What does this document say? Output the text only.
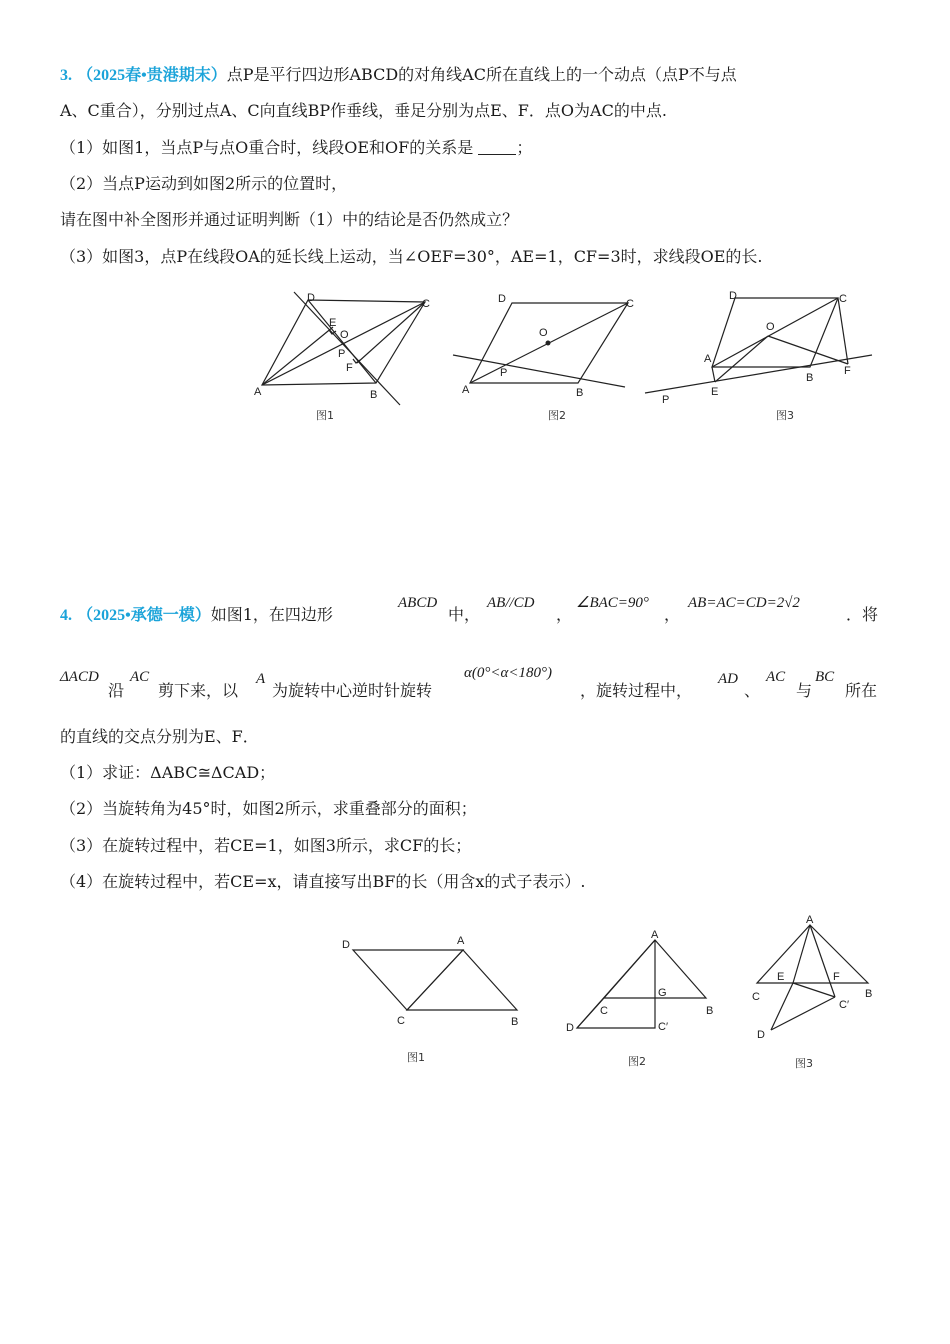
3. （2025春•贵港期末）点P是平行四边形ABCD的对角线AC所在直线上的一个动点（点P不与点
A、C重合），分别过点A、C向直线BP作垂线，垂足分别为点E、F．点O为AC的中点.
（1）如图1，当点P与点O重合时，线段OE和OF的关系是	；
（2）当点P运动到如图2所示的位置时，
请在图中补全图形并通过证明判断（1）中的结论是否仍然成立？
（3）如图3，点P在线段OA的延长线上运动，当∠OEF=30°，AE=1，CF=3时，求线段OE的长.
A	B
C
D
E
O
P
F
图1
A	B
C
D
O
P
图2
A
B
C
D
E
F
O
P
图3
4. （2025•承德一模）如图1，在四边形
ABCD
中，
AB//CD
，
∠BAC=90°
，
AB=AC=CD=2√2
．将
ΔACD
沿
AC
剪下来，以
A
为旋转中心逆时针旋转
α(0°<α<180°)
，旋转过程中，
AD
、
AC
与
BC
所在
的直线的交点分别为E、F．
（1）求证：ΔABC≅ΔCAD；
（2）当旋转角为45°时，如图2所示，求重叠部分的面积；
（3）在旋转过程中，若CE=1，如图3所示，求CF的长；
（4）在旋转过程中，若CE=x，请直接写出BF的长（用含x的式子表示）.
D	A
C	B
图1
A
B
C
D
G
C′
图2
A
B
C
D
E	F
C′
图3
